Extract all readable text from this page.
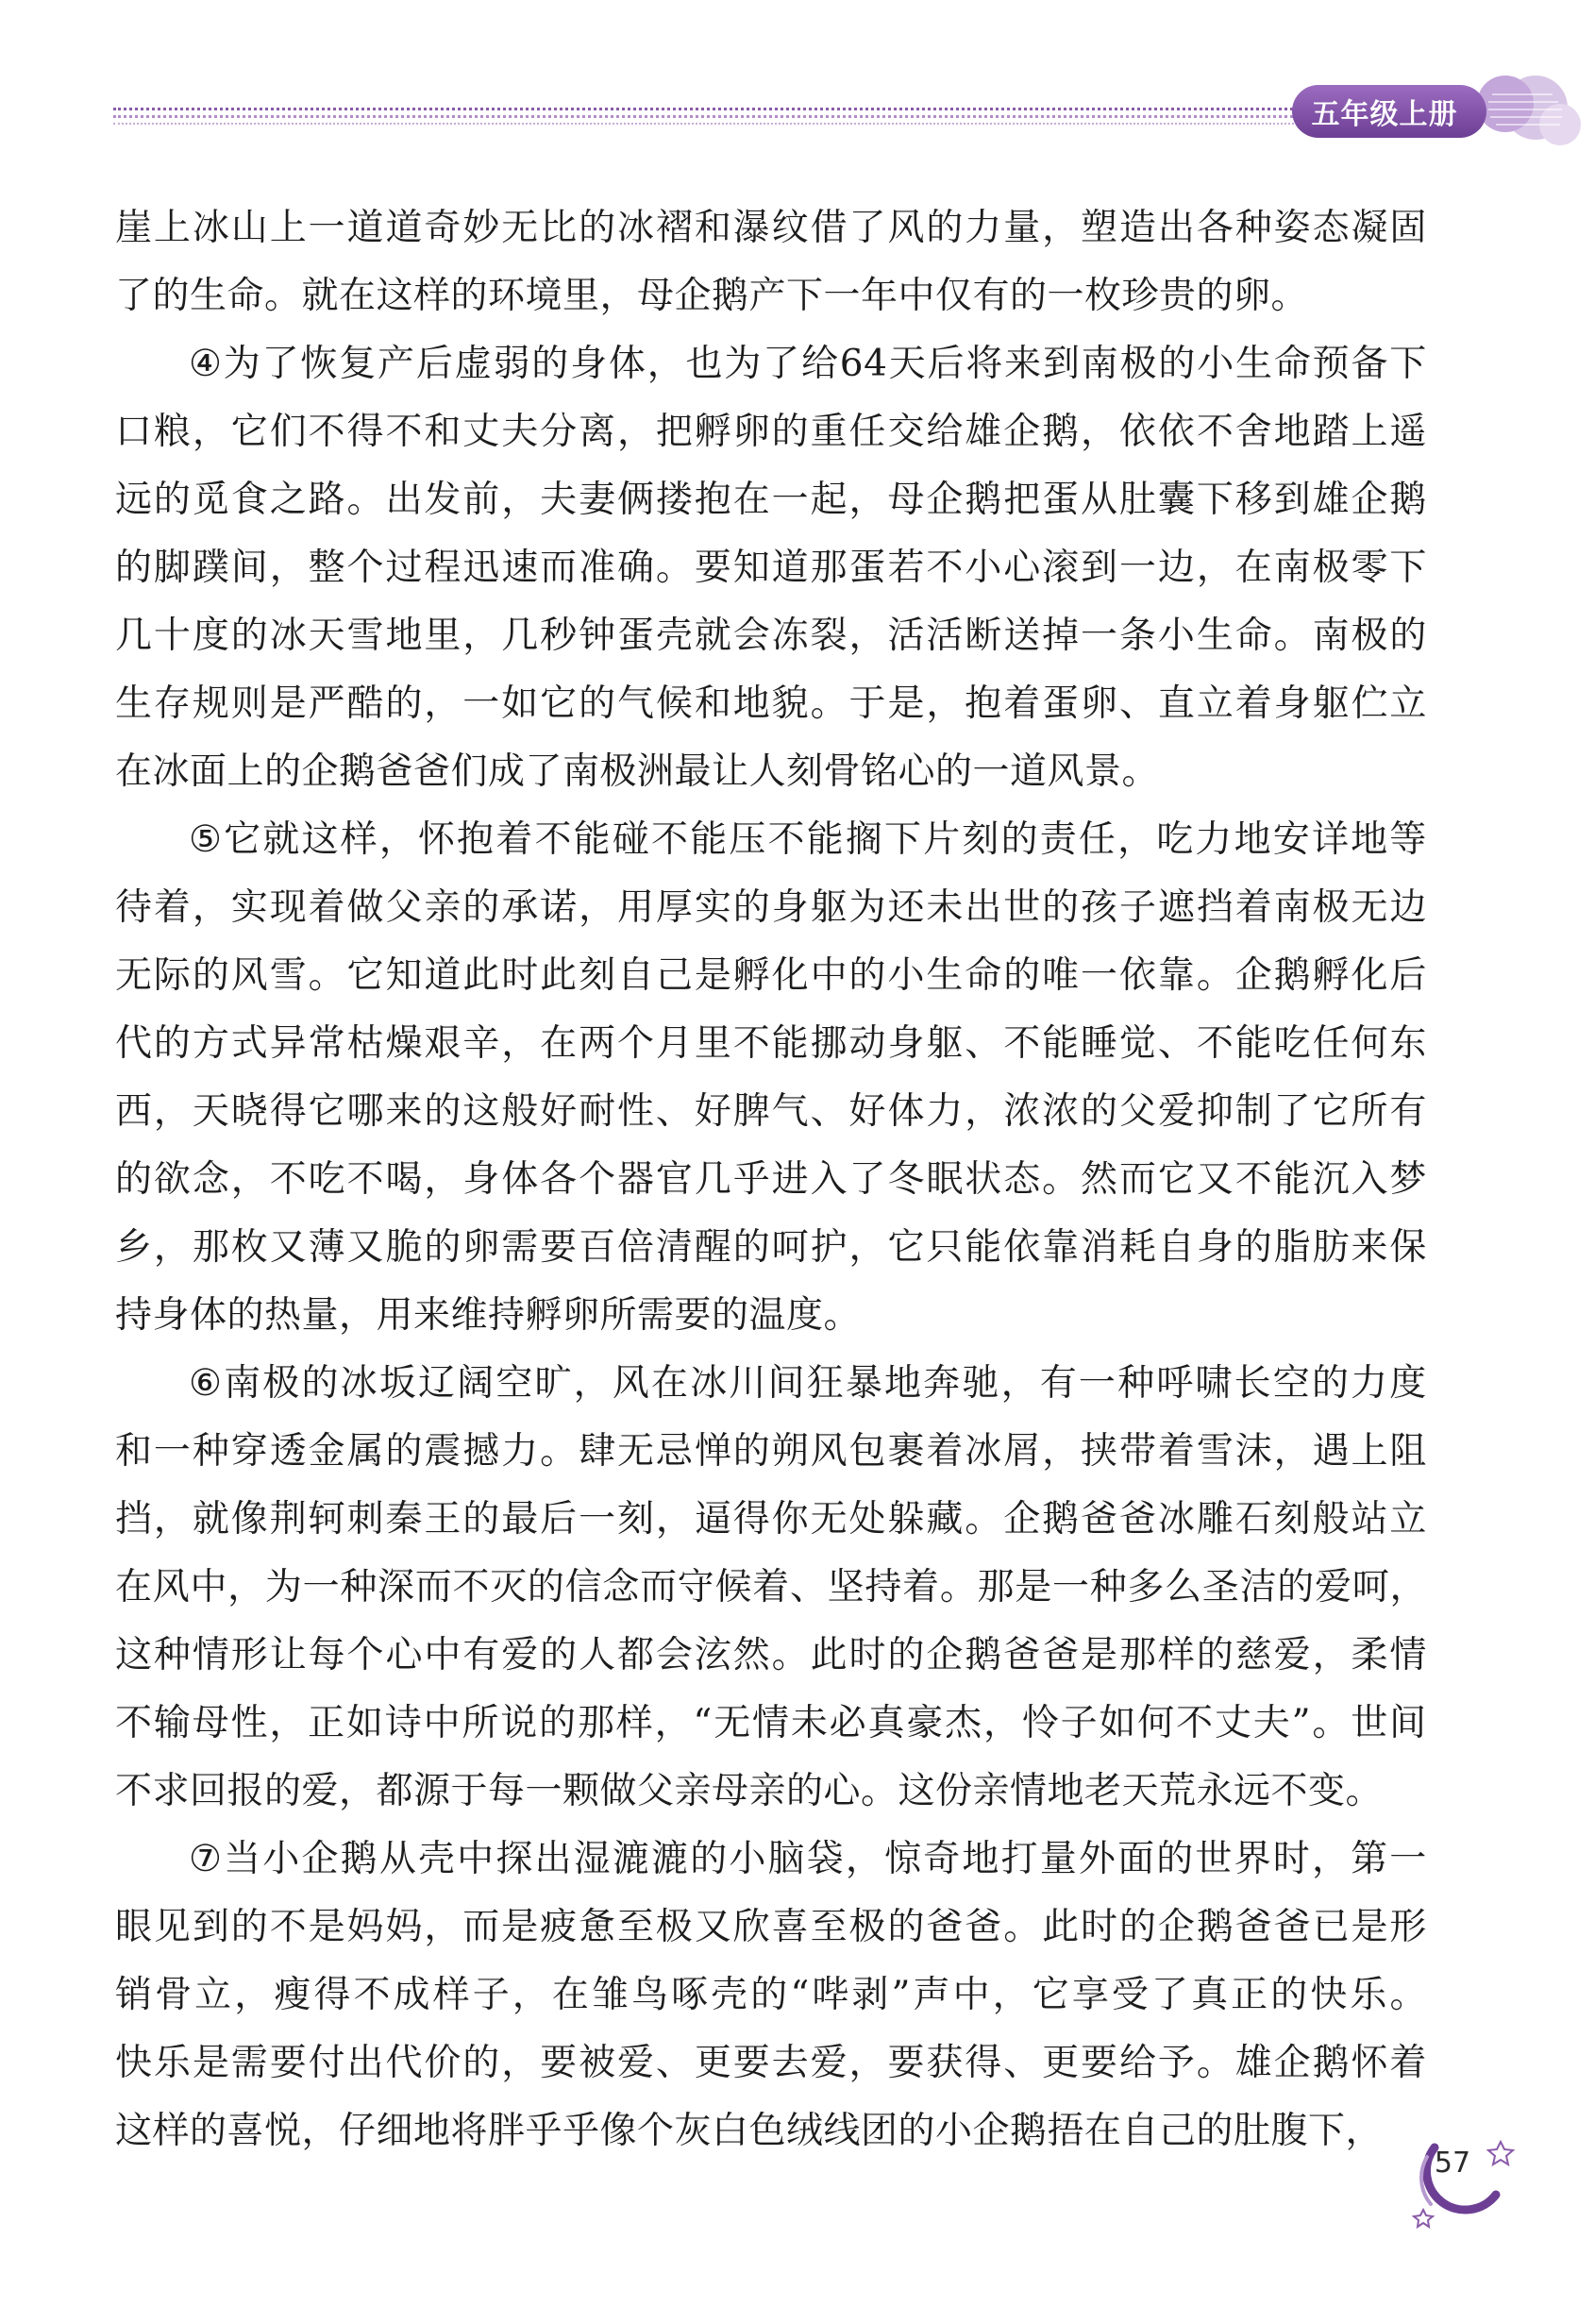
五年级上册
崖 上 冰 山 上 一 道 道 奇 妙 无 比 的 冰 褶 和 瀑 纹 借 了 风 的 力 量 ， 塑 造 出 各 种 姿 态 凝 固
了的生命。就在这样的环境里，母企鹅产下一年中仅有的一枚珍贵的卵。
④ 为 了 恢 复 产 后 虚 弱 的 身 体 ， 也 为 了 给 64 天 后 将 来 到 南 极 的 小 生 命 预 备 下
口 粮 ， 它 们 不 得 不 和 丈 夫 分 离 ， 把 孵 卵 的 重 任 交 给 雄 企 鹅 ， 依 依 不 舍 地 踏 上 遥
远 的 觅 食 之 路 。 出 发 前 ， 夫 妻 俩 搂 抱 在 一 起 ， 母 企 鹅 把 蛋 从 肚 囊 下 移 到 雄 企 鹅
的 脚 蹼 间 ， 整 个 过 程 迅 速 而 准 确 。 要 知 道 那 蛋 若 不 小 心 滚 到 一 边 ， 在 南 极 零 下
几 十 度 的 冰 天 雪 地 里 ， 几 秒 钟 蛋 壳 就 会 冻 裂 ， 活 活 断 送 掉 一 条 小 生 命 。 南 极 的
生 存 规 则 是 严 酷 的 ， 一 如 它 的 气 候 和 地 貌 。 于 是 ， 抱 着 蛋 卵 、 直 立 着 身 躯 伫 立
在冰面上的企鹅爸爸们成了南极洲最让人刻骨铭心的一道风景。
⑤ 它 就 这 样 ， 怀 抱 着 不 能 碰 不 能 压 不 能 搁 下 片 刻 的 责 任 ， 吃 力 地 安 详 地 等
待 着 ， 实 现 着 做 父 亲 的 承 诺 ， 用 厚 实 的 身 躯 为 还 未 出 世 的 孩 子 遮 挡 着 南 极 无 边
无 际 的 风 雪 。 它 知 道 此 时 此 刻 自 己 是 孵 化 中 的 小 生 命 的 唯 一 依 靠 。 企 鹅 孵 化 后
代 的 方 式 异 常 枯 燥 艰 辛 ， 在 两 个 月 里 不 能 挪 动 身 躯 、 不 能 睡 觉 、 不 能 吃 任 何 东
西 ， 天 晓 得 它 哪 来 的 这 般 好 耐 性 、 好 脾 气 、 好 体 力 ， 浓 浓 的 父 爱 抑 制 了 它 所 有
的 欲 念 ， 不 吃 不 喝 ， 身 体 各 个 器 官 几 乎 进 入 了 冬 眠 状 态 。 然 而 它 又 不 能 沉 入 梦
乡 ， 那 枚 又 薄 又 脆 的 卵 需 要 百 倍 清 醒 的 呵 护 ， 它 只 能 依 靠 消 耗 自 身 的 脂 肪 来 保
持身体的热量，用来维持孵卵所需要的温度。
⑥ 南 极 的 冰 坂 辽 阔 空 旷 ， 风 在 冰 川 间 狂 暴 地 奔 驰 ， 有 一 种 呼 啸 长 空 的 力 度
和 一 种 穿 透 金 属 的 震 撼 力 。 肆 无 忌 惮 的 朔 风 包 裹 着 冰 屑 ， 挟 带 着 雪 沫 ， 遇 上 阻
挡 ， 就 像 荆 轲 刺 秦 王 的 最 后 一 刻 ， 逼 得 你 无 处 躲 藏 。 企 鹅 爸 爸 冰 雕 石 刻 般 站 立
在 风 中 ， 为 一 种 深 而 不 灭 的 信 念 而 守 候 着 、 坚 持 着 。 那 是 一 种 多 么 圣 洁 的 爱 呵 ，
这 种 情 形 让 每 个 心 中 有 爱 的 人 都 会 泫 然 。 此 时 的 企 鹅 爸 爸 是 那 样 的 慈 爱 ， 柔 情
不 输 母 性 ， 正 如 诗 中 所 说 的 那 样 ， “ 无 情 未 必 真 豪 杰 ， 怜 子 如 何 不 丈 夫 ” 。 世 间
不求回报的爱，都源于每一颗做父亲母亲的心。这份亲情地老天荒永远不变。
⑦ 当 小 企 鹅 从 壳 中 探 出 湿 漉 漉 的 小 脑 袋 ， 惊 奇 地 打 量 外 面 的 世 界 时 ， 第 一
眼 见 到 的 不 是 妈 妈 ， 而 是 疲 惫 至 极 又 欣 喜 至 极 的 爸 爸 。 此 时 的 企 鹅 爸 爸 已 是 形
销 骨 立 ， 瘦 得 不 成 样 子 ， 在 雏 鸟 啄 壳 的 “ 哔 剥 ” 声 中 ， 它 享 受 了 真 正 的 快 乐 。
快 乐 是 需 要 付 出 代 价 的 ， 要 被 爱 、 更 要 去 爱 ， 要 获 得 、 更 要 给 予 。 雄 企 鹅 怀 着
这样的喜悦，仔细地将胖乎乎像个灰白色绒线团的小企鹅捂在自己的肚腹下，
57
